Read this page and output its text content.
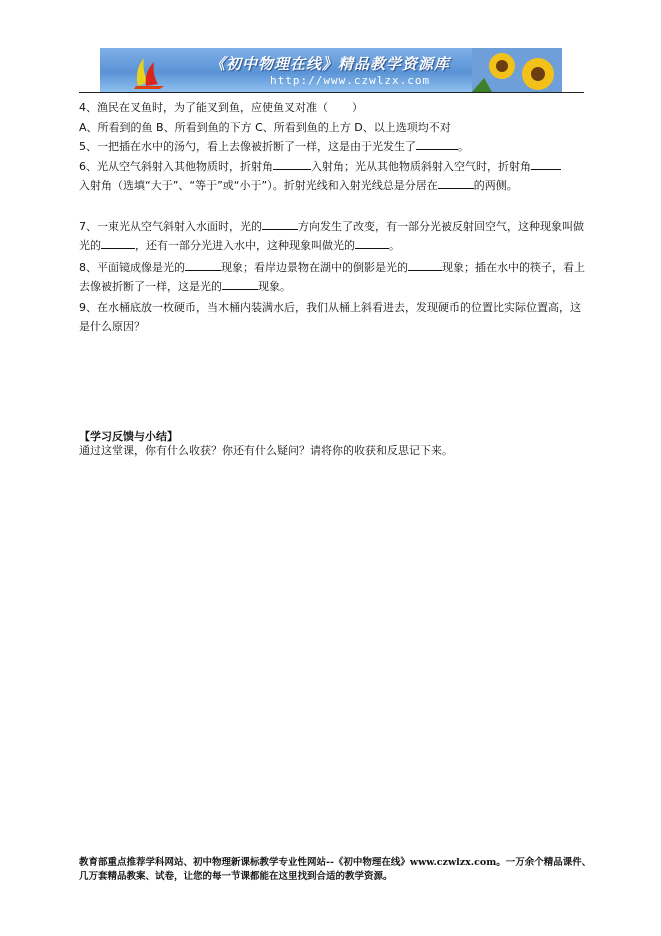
《初中物理在线》精品教学资源库
http://www.czwlzx.com

4、渔民在叉鱼时，为了能叉到鱼，应使鱼叉对准（ ）

A、所看到的鱼 B、所看到鱼的下方 C、所看到鱼的上方 D、以上选项均不对

5、一把插在水中的汤勺，看上去像被折断了一样，这是由于光发生了	。

6、光从空气斜射入其他物质时，折射角	入射角；光从其他物质斜射入空气时，折射角
入射角（选填“大于”、“等于”或“小于”）。折射光线和入射光线总是分居在	的两侧。

7、一束光从空气斜射入水面时，光的	方向发生了改变，有一部分光被反射回空气，这种现象叫做光的	，还有一部分光进入水中，这种现象叫做光的	。

8、平面镜成像是光的	现象；看岸边景物在湖中的倒影是光的	现象；插在水中的筷子，看上去像被折断了一样，这是光的	现象。

9、在水桶底放一枚硬币，当木桶内装满水后，我们从桶上斜看进去，发现硬币的位置比实际位置高，这是什么原因？

【学习反馈与小结】

通过这堂课，你有什么收获？你还有什么疑问？请将你的收获和反思记下来。

教育部重点推荐学科网站、初中物理新课标教学专业性网站--《初中物理在线》www.czwlzx.com。一万余个精品课件、几万套精品教案、试卷，让您的每一节课都能在这里找到合适的教学资源。
